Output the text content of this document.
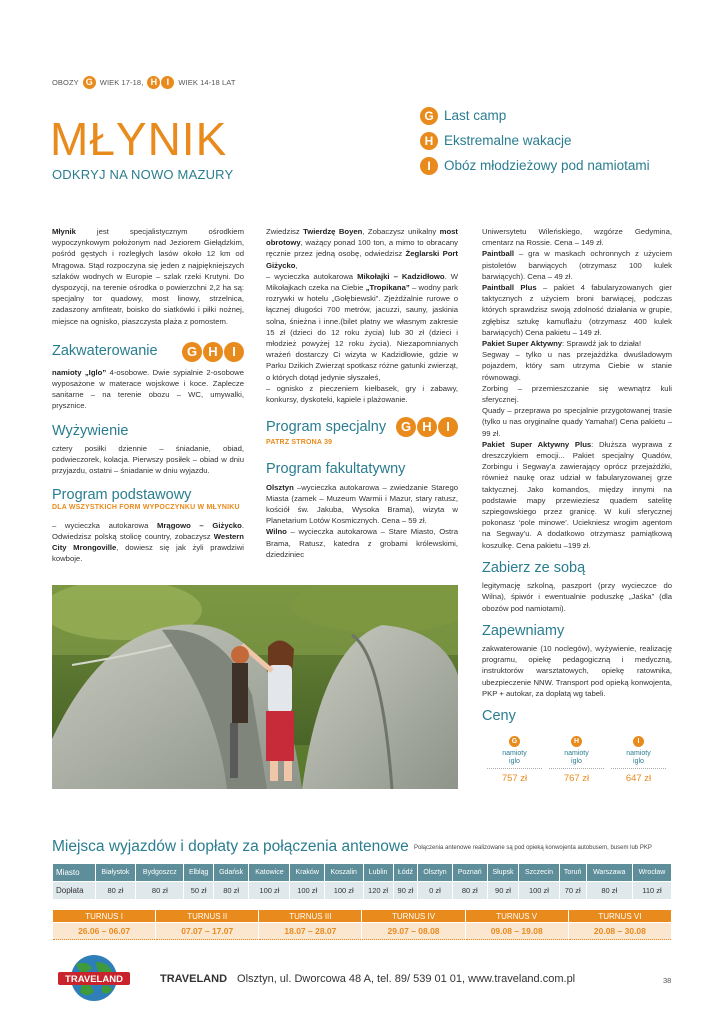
OBOZY G WIEK 17-18, H	I	WIEK 14-18 LAT
MŁYNIK
ODKRYJ NA NOWO MAZURY
G Last camp
H Ekstremalne wakacje
I Obóz młodzieżowy pod namiotami

Młynik jest specjalistycznym ośrodkiem wypoczynkowym położonym nad Jeziorem Giełądzkim, pośród gęstych i rozległych lasów około 12 km od Mrągowa. Stąd rozpoczyna się jeden z najpiękniejszych szlaków wodnych w Europie – szlak rzeki Krutyni. Do dyspozycji, na terenie ośrodka o powierzchni 2,2 ha są: specjalny tor quadowy, most linowy, strzelnica, zadaszony amfiteatr, boisko do siatkówki i piłki nożnej, miejsce na ognisko, piaszczysta plaża z pomostem.

Zakwaterowanie	G H	I

namioty „Iglo” 4-osobowe. Dwie sypialnie 2-osobowe wyposażone w materace wojskowe i koce. Zaplecze sanitarne – na terenie obozu – WC, umywalki, prysznice.

Wyżywienie

cztery posiłki dziennie – śniadanie, obiad, podwieczorek, kolacja. Pierwszy posiłek – obiad w dniu przyjazdu, ostatni – śniadanie w dniu wyjazdu.

Program podstawowy
DLA WSZYSTKICH FORM WYPOCZYNKU W MŁYNIKU

– wycieczka autokarowa Mrągowo – Giżycko. Odwiedzisz polską stolicę country, zobaczysz Western City Mrongoville, dowiesz się jak żyli prawdziwi kowboje.

Zwiedzisz Twierdzę Boyen, Zobaczysz unikalny most obrotowy, ważący ponad 100 ton, a mimo to obracany ręcznie przez jedną osobę, odwiedzisz Żeglarski Port Giżycko,

– wycieczka autokarowa Mikołajki – Kadzidłowo. W Mikołajkach czeka na Ciebie „Tropikana” – wodny park rozrywki w hotelu „Gołębiewski”. Zjeżdżalnie rurowe o łącznej długości 700 metrów, jacuzzi, sauny, jaskinia solna, śnieżna i inne.(bilet płatny we własnym zakresie 15 zł (dzieci do 12 roku życia) lub 30 zł (dzieci i młodzież powyżej 12 roku życia). Niezapomnianych wrażeń dostarczy Ci wizyta w Kadzidłowie, gdzie w Parku Dzikich Zwierząt spotkasz różne gatunki zwierząt, o których dotąd jedynie słyszałeś,

– ognisko z pieczeniem kiełbasek, gry i zabawy, konkursy, dyskoteki, kąpiele i plażowanie.

Program specjalny	G H	I
PATRZ STRONA 39
Program fakultatywny

Olsztyn –wycieczka autokarowa – zwiedzanie Starego Miasta (zamek – Muzeum Warmii i Mazur, stary ratusz, kościół św. Jakuba, Wysoka Brama), wizyta w Planetarium Lotów Kosmicznych. Cena – 59 zł.

Wilno – wycieczka autokarowa – Stare Miasto, Ostra Brama, Ratusz, katedra z grobami królewskimi, dziedziniec

Uniwersytetu Wileńskiego, wzgórze Gedymina, cmentarz na Rossie. Cena – 149 zł.

Paintball – gra w maskach ochronnych z użyciem pistoletów barwiących (otrzymasz 100 kulek barwiących). Cena – 49 zł.

Paintball Plus – pakiet 4 fabularyzowanych gier taktycznych z użyciem broni barwiącej, podczas których sprawdzisz swoją zdolność działania w grupie, zgłębisz sztukę kamuflażu (otrzymasz 400 kulek barwiących) Cena pakietu – 149 zł.

Pakiet Super Aktywny: Sprawdź jak to działa!

Segway – tylko u nas przejażdżka dwuśladowym pojazdem, który sam utrzyma Ciebie w stanie równowagi.

Zorbing – przemieszczanie się wewnątrz kuli sferycznej.

Quady – przeprawa po specjalnie przygotowanej trasie (tylko u nas oryginalne quady Yamaha!) Cena pakietu – 99 zł.

Pakiet Super Aktywny Plus: Dłuższa wyprawa z dreszczykiem emocji... Pakiet specjalny Quadów, Zorbingu i Segway’a zawierający oprócz przejażdżki, również naukę oraz udział w fabularyzowanej grze taktycznej. Jako komandos, między innymi na podstawie mapy przewieziesz quadem satelitę szpiegowskiego przez granicę. W kuli sferycznej pokonasz ‘pole minowe’. Uciekniesz wrogim agentom na Segway’u. A dodatkowo otrzymasz pamiątkową koszulkę. Cena pakietu –199 zł.

Zabierz ze sobą

legitymację szkolną, paszport (przy wycieczce do Wilna), śpiwór i ewentualnie poduszkę „Jaśka” (dla obozów pod namiotami).

Zapewniamy

zakwaterowanie (10 noclegów), wyżywienie, realizację programu, opiekę pedagogiczną i medyczną, instruktorów warsztatowych, opiekę ratownika, ubezpieczenie NNW. Transport pod opieką konwojenta, PKP + autokar, za dopłatą wg tabeli.

Ceny
G
namioty
iglo
757 zł
H
namioty
iglo
767 zł
I
namioty
iglo
647 zł
Miejsca wyjazdów i dopłaty za połączenia antenowe Połączenia antenowe realizowane są pod opieką konwojenta autobusem, busem lub PKP
Miasto	Białystok	Bydgoszcz	Elbląg	Gdańsk	Katowice	Kraków	Koszalin	Lublin	Łódź	Olsztyn	Poznań	Słupsk	Szczecin	Toruń	Warszawa	Wrocław
Dopłata	80 zł	80 zł	50 zł	80 zł	100 zł	100 zł	100 zł	120 zł	90 zł	0 zł	80 zł	90 zł	100 zł	70 zł	80 zł	110 zł
TURNUS I	TURNUS II	TURNUS III	TURNUS IV	TURNUS V	TURNUS VI
26.06 – 06.07	07.07 – 17.07	18.07 – 28.07	29.07 – 08.08	09.08 – 19.08	20.08 – 30.08
TRAVELAND	TRAVELAND Olsztyn, ul. Dworcowa 48 A, tel. 89/ 539 01 01, www.traveland.com.pl	38
